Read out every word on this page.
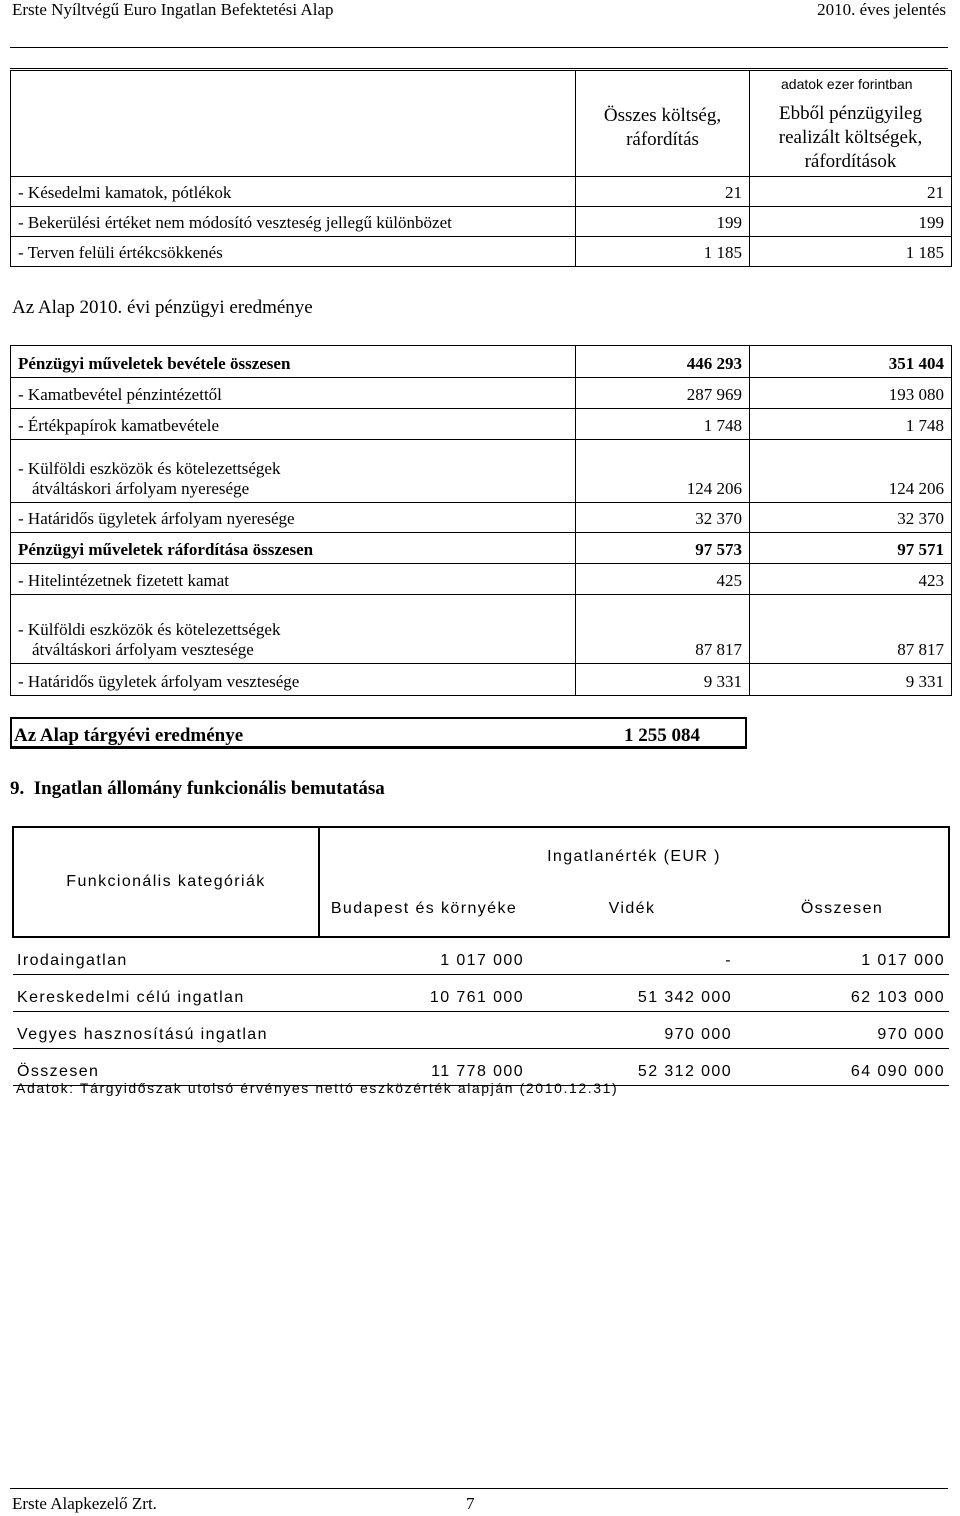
Erste Nyíltvégű Euro Ingatlan Befektetési Alap	2010. éves jelentés
adatok ezer forintban

	Összes költség, ráfordítás	Ebből pénzügyileg realizált költségek, ráfordítások

- Késedelmi kamatok, pótlékok	21	21
- Bekerülési értéket nem módosító veszteség jellegű különbözet	199	199
- Terven felüli értékcsökkenés	1 185	1 185
Az Alap 2010. évi pénzügyi eredménye
Pénzügyi műveletek bevétele összesen	446 293	351 404
- Kamatbevétel pénzintézettől	287 969	193 080
- Értékpapírok kamatbevétele	1 748	1 748

- Külföldi eszközök és kötelezettségek
átváltáskori árfolyam nyeresége	124 206	124 206
- Határidős ügyletek árfolyam nyeresége	32 370	32 370
Pénzügyi műveletek ráfordítása összesen	97 573	97 571
- Hitelintézetnek fizetett kamat	425	423

- Külföldi eszközök és kötelezettségek
átváltáskori árfolyam vesztesége	87 817	87 817
- Határidős ügyletek árfolyam vesztesége	9 331	9 331
Az Alap tárgyévi eredménye	1 255 084
9.  Ingatlan állomány funkcionális bemutatása
Funkcionális kategóriák	Ingatlanérték (EUR )		
	Budapest és környéke	Vidék	Összesen
Irodaingatlan	1 017 000	-	1 017 000
Kereskedelmi célú ingatlan	10 761 000	51 342 000	62 103 000
Vegyes hasznosítású ingatlan		970 000	970 000
Összesen	11 778 000	52 312 000	64 090 000
Adatok: Tárgyidőszak utolsó érvényes nettó eszközérték alapján (2010.12.31)
Erste Alapkezelő Zrt.	7
